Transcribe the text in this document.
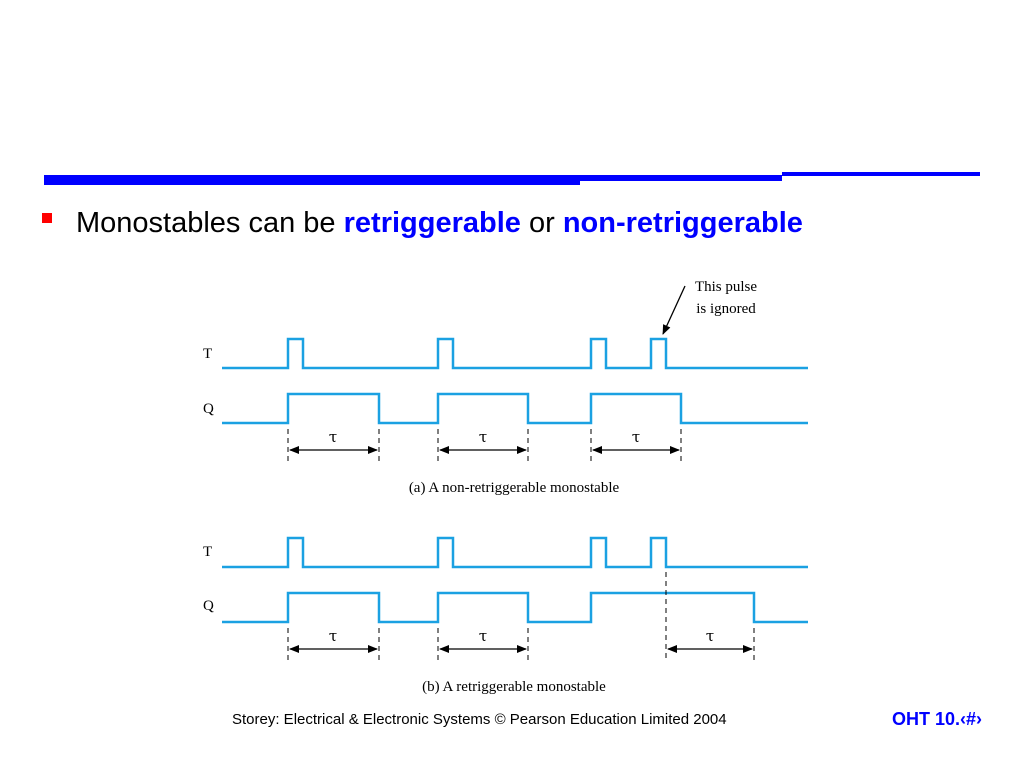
Monostables can be retriggerable or non-retriggerable
This pulse
is ignored
T
Q
τ	τ	τ
(a) A non-retriggerable monostable
T
Q
τ	τ	τ
(b) A retriggerable monostable
Storey: Electrical & Electronic Systems © Pearson Education Limited 2004	OHT 10.‹#›
